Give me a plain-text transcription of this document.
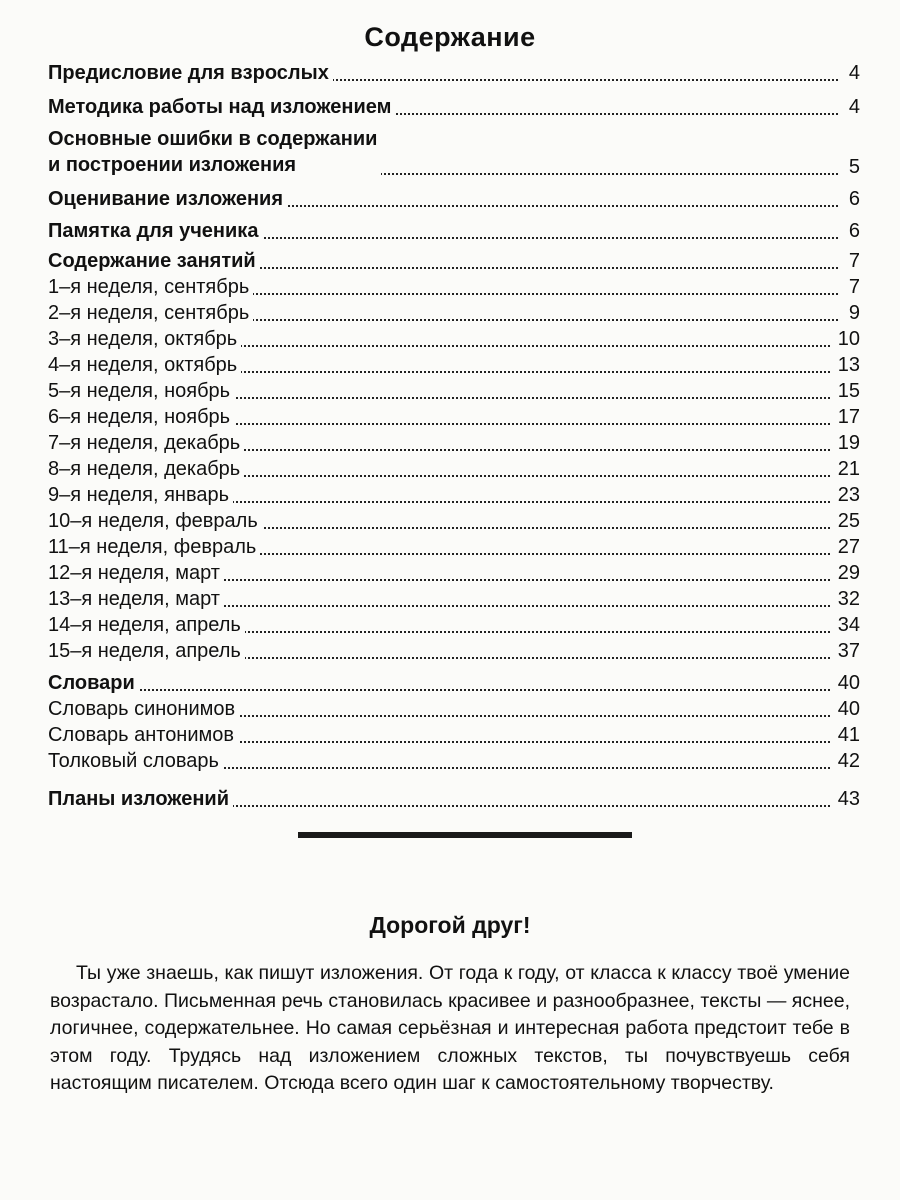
Содержание
Предисловие для взрослых	4
Методика работы над изложением	4
Основные ошибки в содержании
и построении изложения	5
Оценивание изложения	6
Памятка для ученика	6
Содержание занятий	7
1–я неделя, сентябрь	7
2–я неделя, сентябрь	9
3–я неделя, октябрь	10
4–я неделя, октябрь	13
5–я неделя, ноябрь	15
6–я неделя, ноябрь	17
7–я неделя, декабрь	19
8–я неделя, декабрь	21
9–я неделя, январь	23
10–я неделя, февраль	25
11–я неделя, февраль	27
12–я неделя, март	29
13–я неделя, март	32
14–я неделя, апрель	34
15–я неделя, апрель	37
Словари	40
Словарь синонимов	40
Словарь антонимов	41
Толковый словарь	42
Планы изложений	43
Дорогой друг!

Ты уже знаешь, как пишут изложения. От года к году, от класса к классу твоё умение возрастало. Письменная речь становилась красивее и разнообразнее, тексты — яснее, логичнее, содержательнее. Но самая серьёзная и интересная работа предстоит тебе в этом году. Трудясь над изложением сложных текстов, ты почувствуешь себя настоящим писателем. Отсюда всего один шаг к самостоятельному творчеству.
